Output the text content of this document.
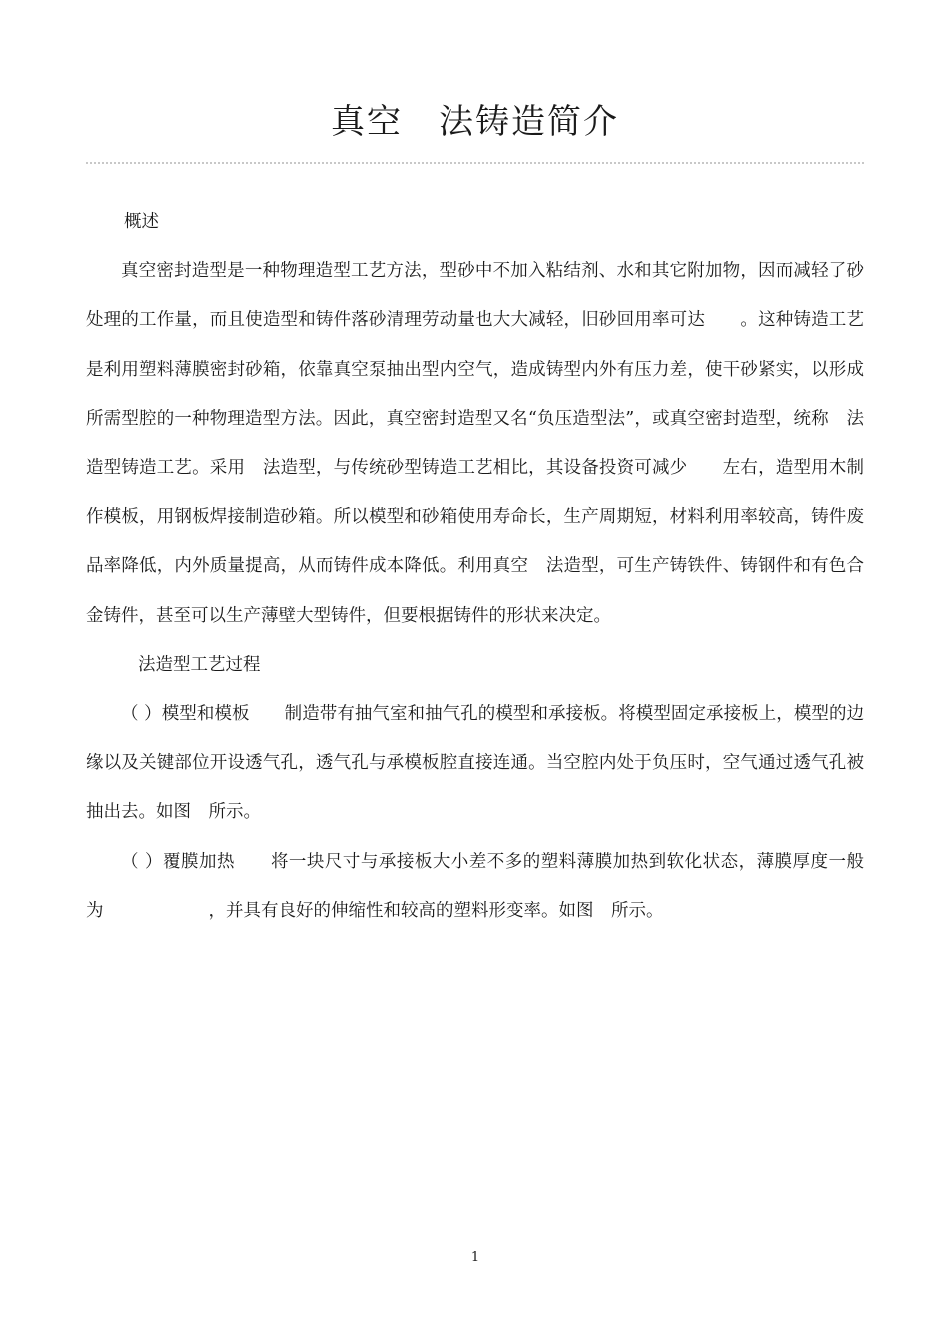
真空　法铸造简介

概述

真空密封造型是一种物理造型工艺方法，型砂中不加入粘结剂、水和其它附加物，因而减轻了砂处理的工作量，而且使造型和铸件落砂清理劳动量也大大减轻，旧砂回用率可达　　。这种铸造工艺是利用塑料薄膜密封砂箱，依靠真空泵抽出型内空气，造成铸型内外有压力差，使干砂紧实，以形成所需型腔的一种物理造型方法。因此，真空密封造型又名“负压造型法”，或真空密封造型，统称　法造型铸造工艺。采用　法造型，与传统砂型铸造工艺相比，其设备投资可减少　　左右，造型用木制作模板，用钢板焊接制造砂箱。所以模型和砂箱使用寿命长，生产周期短，材料利用率较高，铸件废品率降低，内外质量提高，从而铸件成本降低。利用真空　法造型，可生产铸铁件、铸钢件和有色合金铸件，甚至可以生产薄壁大型铸件，但要根据铸件的形状来决定。

法造型工艺过程

（ ）模型和模板　　制造带有抽气室和抽气孔的模型和承接板。将模型固定承接板上，模型的边缘以及关键部位开设透气孔，透气孔与承模板腔直接连通。当空腔内处于负压时，空气通过透气孔被抽出去。如图　所示。

（ ）覆膜加热　　将一块尺寸与承接板大小差不多的塑料薄膜加热到软化状态，薄膜厚度一般为　　　　　　，并具有良好的伸缩性和较高的塑料形变率。如图　所示。

1
